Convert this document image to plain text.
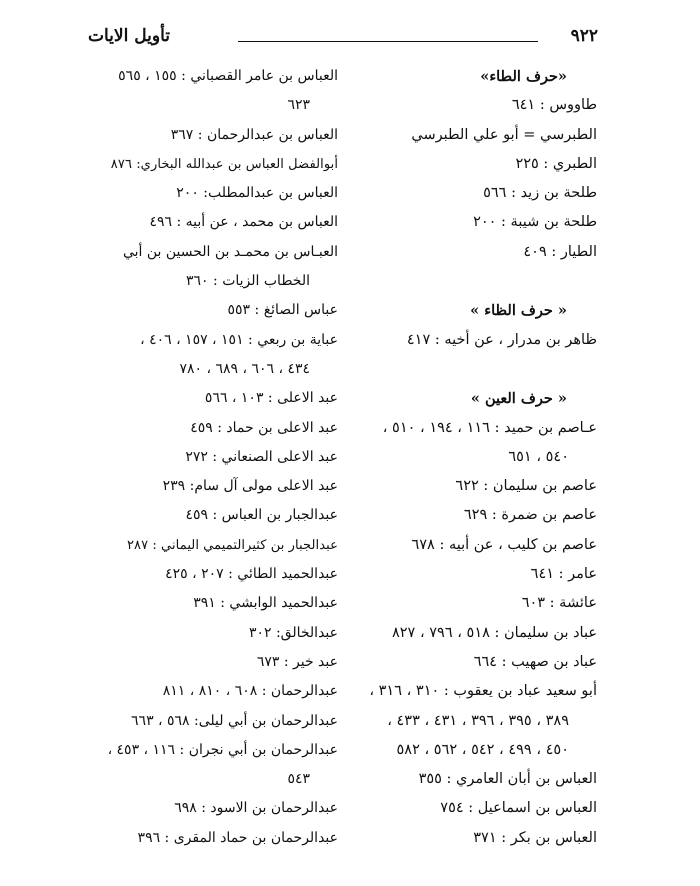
٩٢٢
تأويل الايات
«حرف الطاء»
طاووس : ٦٤١
الطبرسي = أبو علي الطبرسي
الطبري : ٢٢٥
طلحة بن زيد : ٥٦٦
طلحة بن شيبة : ٢٠٠
الطيار : ٤٠٩
« حرف الظاء »
ظاهر بن مدرار ، عن أخيه : ٤١٧
« حرف العين »
عـاصم بن حميد : ١١٦ ، ١٩٤ ، ٥١٠ ،
٥٤٠ ، ٦٥١
عاصم بن سليمان : ٦٢٢
عاصم بن ضمرة : ٦٢٩
عاصم بن كليب ، عن أبيه : ٦٧٨
عامر : ٦٤١
عائشة : ٦٠٣
عباد بن سليمان : ٥١٨ ، ٧٩٦ ، ٨٢٧
عباد بن صهيب : ٦٦٤
أبو سعيد عباد بن يعقوب : ٣١٠ ، ٣١٦ ،
٣٨٩ ، ٣٩٥ ، ٣٩٦ ، ٤٣١ ، ٤٣٣ ،
٤٥٠ ، ٤٩٩ ، ٥٤٢ ، ٥٦٢ ، ٥٨٢
العباس بن أبان العامري : ٣٥٥
العباس بن اسماعيل : ٧٥٤
العباس بن بكر : ٣٧١
العباس بن عامر القصباني : ١٥٥ ، ٥٦٥
٦٢٣
العباس بن عبدالرحمان : ٣٦٧
أبوالفضل العباس بن عبدالله البخاري: ٨٧٦
العباس بن عبدالمطلب: ٢٠٠
العباس بن محمد ، عن أبيه : ٤٩٦
العبـاس بن محمـد بن الحسين بن أبي
الخطاب الزيات : ٣٦٠
عباس الصائغ : ٥٥٣
عباية بن ربعي : ١٥١ ، ١٥٧ ، ٤٠٦ ،
٤٣٤ ، ٦٠٦ ، ٦٨٩ ، ٧٨٠
عبد الاعلى : ١٠٣ ، ٥٦٦
عبد الاعلى بن حماد : ٤٥٩
عبد الاعلى الصنعاني : ٢٧٢
عبد الاعلى مولى آل سام: ٢٣٩
عبدالجبار بن العباس : ٤٥٩
عبدالجبار بن كثيرالتميمي اليماني : ٢٨٧
عبدالحميد الطائي : ٢٠٧ ، ٤٢٥
عبدالحميد الوابشي : ٣٩١
عبدالخالق: ٣٠٢
عبد خير : ٦٧٣
عبدالرحمان : ٦٠٨ ، ٨١٠ ، ٨١١
عبدالرحمان بن أبي ليلى: ٥٦٨ ، ٦٦٣
عبدالرحمان بن أبي نجران : ١١٦ ، ٤٥٣ ،
٥٤٣
عبدالرحمان بن الاسود : ٦٩٨
عبدالرحمان بن حماد المقرى : ٣٩٦
